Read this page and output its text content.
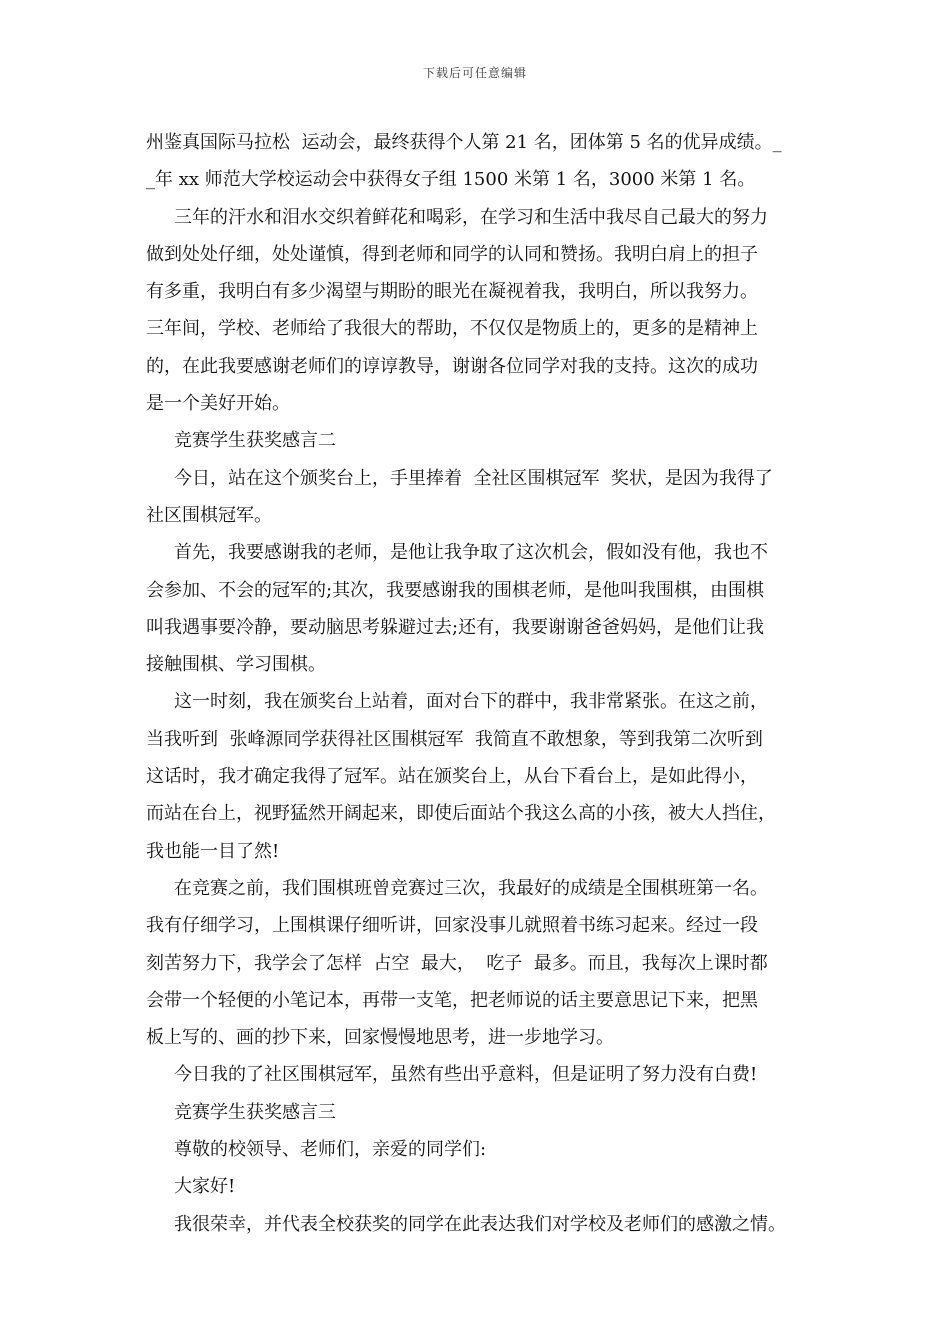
下载后可任意编辑
州鉴真国际马拉松  运动会，最终获得个人第 21 名，团体第 5 名的优异成绩。_
_年 xx 师范大学校运动会中获得女子组 1500 米第 1 名，3000 米第 1 名。
三年的汗水和泪水交织着鲜花和喝彩，在学习和生活中我尽自己最大的努力
做到处处仔细，处处谨慎，得到老师和同学的认同和赞扬。我明白肩上的担子
有多重，我明白有多少渴望与期盼的眼光在凝视着我，我明白，所以我努力。
三年间，学校、老师给了我很大的帮助，不仅仅是物质上的，更多的是精神上
的，在此我要感谢老师们的谆谆教导，谢谢各位同学对我的支持。这次的成功
是一个美好开始。
竞赛学生获奖感言二
今日，站在这个颁奖台上，手里捧着  全社区围棋冠军  奖状，是因为我得了
社区围棋冠军。
首先，我要感谢我的老师，是他让我争取了这次机会，假如没有他，我也不
会参加、不会的冠军的;其次，我要感谢我的围棋老师，是他叫我围棋，由围棋
叫我遇事要冷静，要动脑思考躲避过去;还有，我要谢谢爸爸妈妈，是他们让我
接触围棋、学习围棋。
这一时刻，我在颁奖台上站着，面对台下的群中，我非常紧张。在这之前，
当我听到  张峰源同学获得社区围棋冠军  我简直不敢想象，等到我第二次听到
这话时，我才确定我得了冠军。站在颁奖台上，从台下看台上，是如此得小，
而站在台上，视野猛然开阔起来，即使后面站个我这么高的小孩，被大人挡住，
我也能一目了然!
在竞赛之前，我们围棋班曾竞赛过三次，我最好的成绩是全围棋班第一名。
我有仔细学习，上围棋课仔细听讲，回家没事儿就照着书练习起来。经过一段
刻苦努力下，我学会了怎样  占空  最大，  吃子  最多。而且，我每次上课时都
会带一个轻便的小笔记本，再带一支笔，把老师说的话主要意思记下来，把黑
板上写的、画的抄下来，回家慢慢地思考，进一步地学习。
今日我的了社区围棋冠军，虽然有些出乎意料，但是证明了努力没有白费!
竞赛学生获奖感言三
尊敬的校领导、老师们，亲爱的同学们:
大家好!
我很荣幸，并代表全校获奖的同学在此表达我们对学校及老师们的感激之情。
